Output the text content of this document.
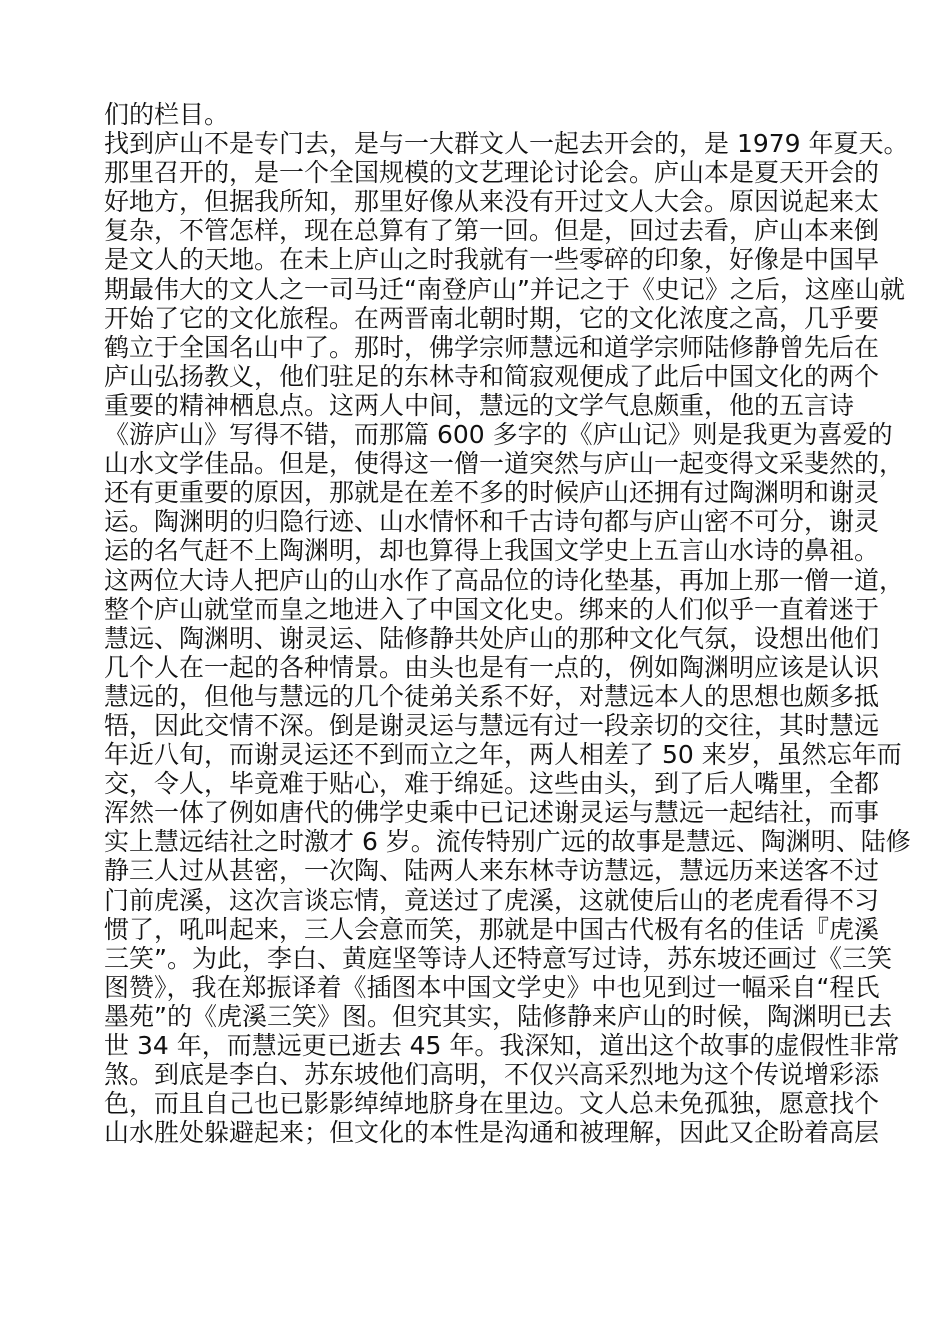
们的栏目。
找到庐山不是专门去，是与一大群文人一起去开会的，是 1979 年夏天。
那里召开的，是一个全国规模的文艺理论讨论会。庐山本是夏天开会的
好地方，但据我所知，那里好像从来没有开过文人大会。原因说起来太
复杂，不管怎样，现在总算有了第一回。但是，回过去看，庐山本来倒
是文人的天地。在未上庐山之时我就有一些零碎的印象，好像是中国早
期最伟大的文人之一司马迁“南登庐山”并记之于《史记》之后，这座山就
开始了它的文化旅程。在两晋南北朝时期，它的文化浓度之高，几乎要
鹤立于全国名山中了。那时，佛学宗师慧远和道学宗师陆修静曾先后在
庐山弘扬教义，他们驻足的东林寺和简寂观便成了此后中国文化的两个
重要的精神栖息点。这两人中间，慧远的文学气息颇重，他的五言诗
《游庐山》写得不错，而那篇 600 多字的《庐山记》则是我更为喜爱的
山水文学佳品。但是，使得这一僧一道突然与庐山一起变得文采斐然的，
还有更重要的原因，那就是在差不多的时候庐山还拥有过陶渊明和谢灵
运。陶渊明的归隐行迹、山水情怀和千古诗句都与庐山密不可分，谢灵
运的名气赶不上陶渊明，却也算得上我国文学史上五言山水诗的鼻祖。
这两位大诗人把庐山的山水作了高品位的诗化垫基，再加上那一僧一道，
整个庐山就堂而皇之地进入了中国文化史。绑来的人们似乎一直着迷于
慧远、陶渊明、谢灵运、陆修静共处庐山的那种文化气氛，设想出他们
几个人在一起的各种情景。由头也是有一点的，例如陶渊明应该是认识
慧远的，但他与慧远的几个徒弟关系不好，对慧远本人的思想也颇多抵
牾，因此交情不深。倒是谢灵运与慧远有过一段亲切的交往，其时慧远
年近八旬，而谢灵运还不到而立之年，两人相差了 50 来岁，虽然忘年而
交，令人，毕竟难于贴心，难于绵延。这些由头，到了后人嘴里，全都
浑然一体了例如唐代的佛学史乘中已记述谢灵运与慧远一起结社，而事
实上慧远结社之时激才 6 岁。流传特别广远的故事是慧远、陶渊明、陆修
静三人过从甚密，一次陶、陆两人来东林寺访慧远，慧远历来送客不过
门前虎溪，这次言谈忘情，竟送过了虎溪，这就使后山的老虎看得不习
惯了，吼叫起来，三人会意而笑，那就是中国古代极有名的佳话『虎溪
三笑”。为此，李白、黄庭坚等诗人还特意写过诗，苏东坡还画过《三笑
图赞》，我在郑振译着《插图本中国文学史》中也见到过一幅采自“程氏
墨苑”的《虎溪三笑》图。但究其实，陆修静来庐山的时候，陶渊明已去
世 34 年，而慧远更已逝去 45 年。我深知，道出这个故事的虚假性非常
煞。到底是李白、苏东坡他们高明，不仅兴高采烈地为这个传说增彩添
色，而且自己也已影影绰绰地脐身在里边。文人总未免孤独，愿意找个
山水胜处躲避起来；但文化的本性是沟通和被理解，因此又企盼着高层
